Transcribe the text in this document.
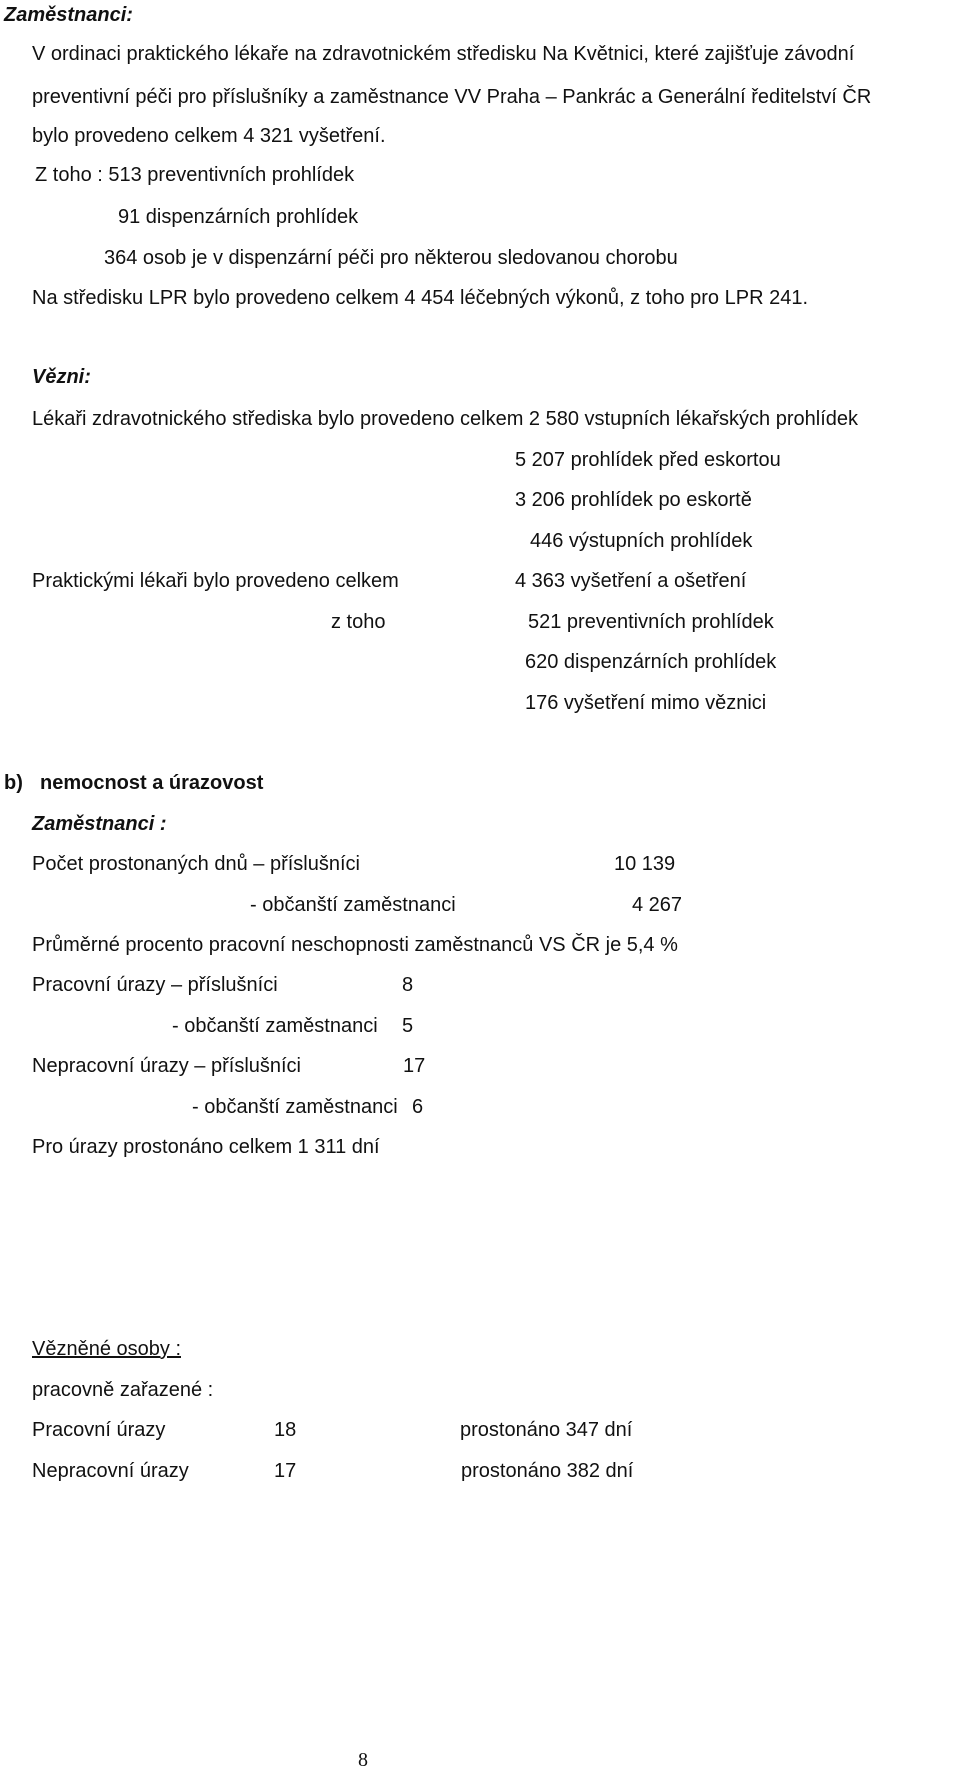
Zaměstnanci:
V ordinaci praktického lékaře na zdravotnickém středisku Na Květnici, které zajišťuje závodní
preventivní péči pro příslušníky a zaměstnance VV Praha – Pankrác a Generální ředitelství ČR
bylo provedeno celkem 4 321 vyšetření.
Z toho : 513 preventivních prohlídek
91 dispenzárních prohlídek
364 osob je v dispenzární péči pro některou sledovanou chorobu
Na středisku LPR bylo provedeno celkem 4 454 léčebných výkonů, z toho pro LPR 241.
Vězni:
Lékaři zdravotnického střediska bylo provedeno celkem 2 580 vstupních lékařských prohlídek
5 207 prohlídek před eskortou
3 206 prohlídek po eskortě
446 výstupních prohlídek
Praktickými lékaři bylo provedeno celkem	4 363 vyšetření a ošetření
z toho	521 preventivních prohlídek
620 dispenzárních prohlídek
176 vyšetření mimo věznici
b) nemocnost a úrazovost
Zaměstnanci :
Počet prostonaných dnů – příslušníci	10 139
- občanští zaměstnanci	4 267
Průměrné procento pracovní neschopnosti zaměstnanců VS ČR je 5,4 %
Pracovní úrazy – příslušníci	8
- občanští zaměstnanci 5
Nepracovní úrazy – příslušníci	17
- občanští zaměstnanci 6
Pro úrazy prostonáno celkem 1 311 dní
Vězněné osoby :
pracovně zařazené :
Pracovní úrazy	18	prostonáno 347 dní
Nepracovní úrazy	17	prostonáno 382 dní
8
